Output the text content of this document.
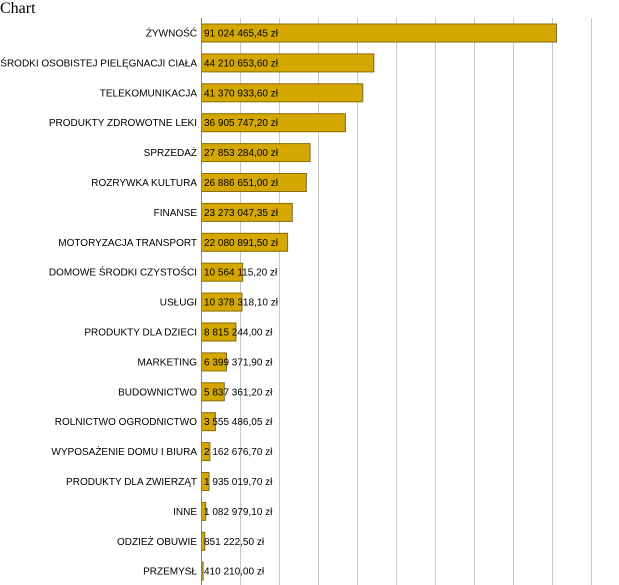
Chart
ŻYWNOŚĆ
ŚRODKI OSOBISTEJ PIELĘGNACJI CIAŁA
TELEKOMUNIKACJA
PRODUKTY ZDROWOTNE LEKI
SPRZEDAŻ
ROZRYWKA KULTURA
FINANSE
MOTORYZACJA TRANSPORT
DOMOWE ŚRODKI CZYSTOŚCI
USŁUGI
PRODUKTY DLA DZIECI
MARKETING
BUDOWNICTWO
ROLNICTWO OGRODNICTWO
WYPOSAŻENIE DOMU I BIURA
PRODUKTY DLA ZWIERZĄT
INNE
ODZIEŻ OBUWIE
PRZEMYSŁ
91 024 465,45 zł
44 210 653,60 zł
41 370 933,60 zł
36 905 747,20 zł
27 853 284,00 zł
26 886 651,00 zł
23 273 047,35 zł
22 080 891,50 zł
10 564 115,20 zł
10 378 318,10 zł
8 815 244,00 zł
6 399 371,90 zł
5 837 361,20 zł
3 555 486,05 zł
2 162 676,70 zł
1 935 019,70 zł
1 082 979,10 zł
851 222,50 zł
410 210,00 zł
